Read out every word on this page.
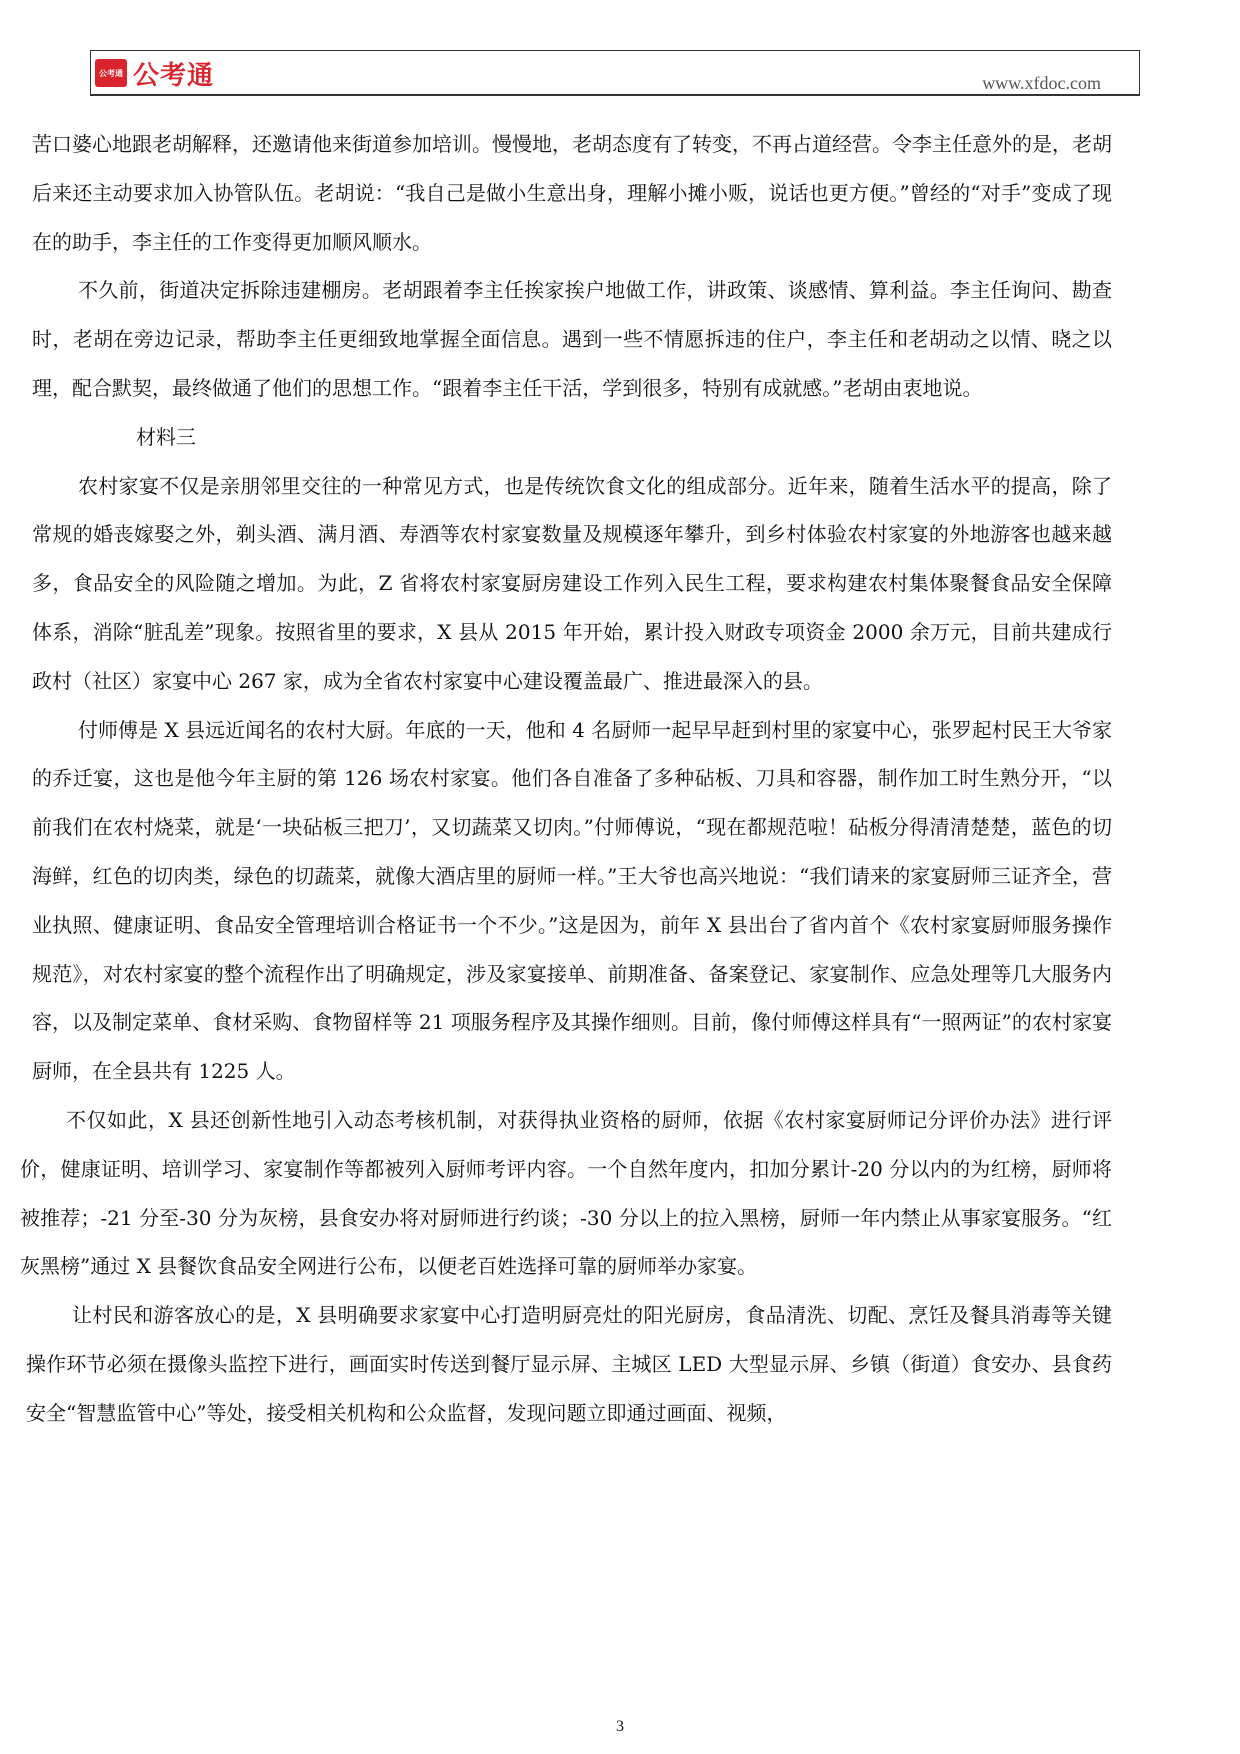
公考通 公考通	www.xfdoc.com

苦口婆心地跟老胡解释，还邀请他来街道参加培训。慢慢地，老胡态度有了转变，不再占道经营。令李主任意外的是，老胡后来还主动要求加入协管队伍。老胡说：“我自己是做小生意出身，理解小摊小贩，说话也更方便。”曾经的“对手”变成了现在的助手，李主任的工作变得更加顺风顺水。

不久前，街道决定拆除违建棚房。老胡跟着李主任挨家挨户地做工作，讲政策、谈感情、算利益。李主任询问、勘查时，老胡在旁边记录，帮助李主任更细致地掌握全面信息。遇到一些不情愿拆违的住户，李主任和老胡动之以情、晓之以理，配合默契，最终做通了他们的思想工作。“跟着李主任干活，学到很多，特别有成就感。”老胡由衷地说。

材料三

农村家宴不仅是亲朋邻里交往的一种常见方式，也是传统饮食文化的组成部分。近年来，随着生活水平的提高，除了常规的婚丧嫁娶之外，剃头酒、满月酒、寿酒等农村家宴数量及规模逐年攀升，到乡村体验农村家宴的外地游客也越来越多，食品安全的风险随之增加。为此，Z 省将农村家宴厨房建设工作列入民生工程，要求构建农村集体聚餐食品安全保障体系，消除“脏乱差”现象。按照省里的要求，X 县从 2015 年开始，累计投入财政专项资金 2000 余万元，目前共建成行政村（社区）家宴中心 267 家，成为全省农村家宴中心建设覆盖最广、推进最深入的县。

付师傅是 X 县远近闻名的农村大厨。年底的一天，他和 4 名厨师一起早早赶到村里的家宴中心，张罗起村民王大爷家的乔迁宴，这也是他今年主厨的第 126 场农村家宴。他们各自准备了多种砧板、刀具和容器，制作加工时生熟分开，“以前我们在农村烧菜，就是‘一块砧板三把刀’，又切蔬菜又切肉。”付师傅说，“现在都规范啦！砧板分得清清楚楚，蓝色的切海鲜，红色的切肉类，绿色的切蔬菜，就像大酒店里的厨师一样。”王大爷也高兴地说：“我们请来的家宴厨师三证齐全，营业执照、健康证明、食品安全管理培训合格证书一个不少。”这是因为，前年 X 县出台了省内首个《农村家宴厨师服务操作规范》，对农村家宴的整个流程作出了明确规定，涉及家宴接单、前期准备、备案登记、家宴制作、应急处理等几大服务内容，以及制定菜单、食材采购、食物留样等 21 项服务程序及其操作细则。目前，像付师傅这样具有“一照两证”的农村家宴厨师，在全县共有 1225 人。

不仅如此，X 县还创新性地引入动态考核机制，对获得执业资格的厨师，依据《农村家宴厨师记分评价办法》进行评价，健康证明、培训学习、家宴制作等都被列入厨师考评内容。一个自然年度内，扣加分累计-20 分以内的为红榜，厨师将被推荐；-21 分至-30 分为灰榜，县食安办将对厨师进行约谈；-30 分以上的拉入黑榜，厨师一年内禁止从事家宴服务。“红灰黑榜”通过 X 县餐饮食品安全网进行公布，以便老百姓选择可靠的厨师举办家宴。

让村民和游客放心的是，X 县明确要求家宴中心打造明厨亮灶的阳光厨房，食品清洗、切配、烹饪及餐具消毒等关键操作环节必须在摄像头监控下进行，画面实时传送到餐厅显示屏、主城区 LED 大型显示屏、乡镇（街道）食安办、县食药安全“智慧监管中心”等处，接受相关机构和公众监督，发现问题立即通过画面、视频，

3
